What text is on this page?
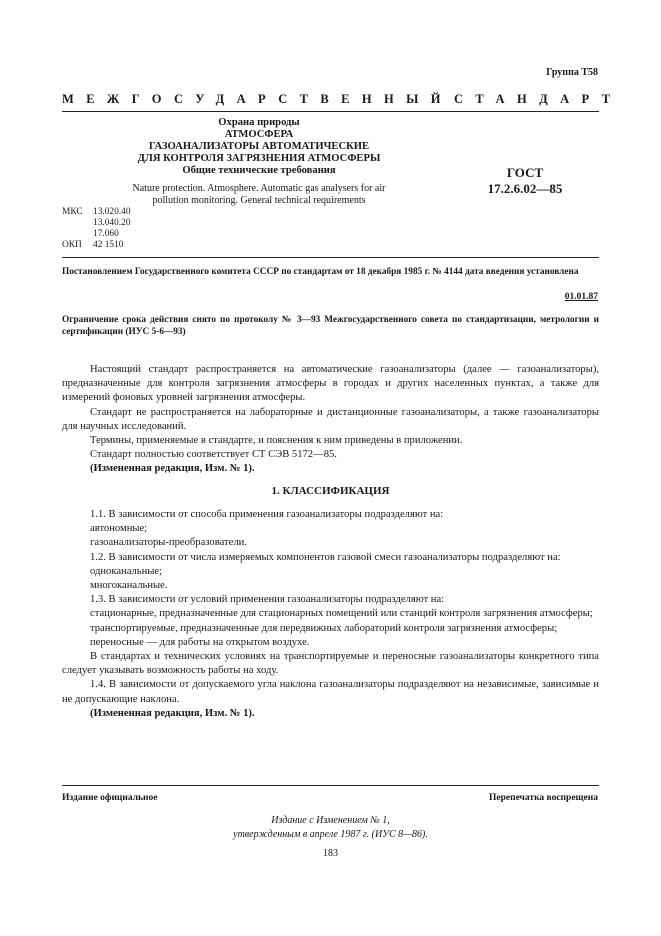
Группа Т58
МЕЖГОСУДАРСТВЕННЫЙ СТАНДАРТ
Охрана природы
АТМОСФЕРА
ГАЗОАНАЛИЗАТОРЫ АВТОМАТИЧЕСКИЕ
ДЛЯ КОНТРОЛЯ ЗАГРЯЗНЕНИЯ АТМОСФЕРЫ
Общие технические требования
Nature protection. Atmosphere. Automatic gas analysers for air
pollution monitoring. General technical requirements
ГОСТ
17.2.6.02—85
МКС	13.020.40
13.040.20
17.060
ОКП	42 1510
Постановлением Государственного комитета СССР по стандартам от 18 декабря 1985 г. № 4144 дата введения установлена
01.01.87
Ограничение срока действия снято по протоколу № 3—93 Межгосударственного совета по стандартизации, метрологии и сертификации (ИУС 5-6—93)

Настоящий стандарт распространяется на автоматические газоанализаторы (далее — газоанализаторы), предназначенные для контроля загрязнения атмосферы в городах и других населенных пунктах, а также для измерений фоновых уровней загрязнения атмосферы.

Стандарт не распространяется на лабораторные и дистанционные газоанализаторы, а также газоанализаторы для научных исследований.

Термины, применяемые в стандарте, и пояснения к ним приведены в приложении.

Стандарт полностью соответствует СТ СЭВ 5172—85.

(Измененная редакция, Изм. № 1).

1. КЛАССИФИКАЦИЯ

1.1. В зависимости от способа применения газоанализаторы подразделяют на:

автономные;

газоанализаторы-преобразователи.

1.2. В зависимости от числа измеряемых компонентов газовой смеси газоанализаторы подразделяют на:

одноканальные;

многоканальные.

1.3. В зависимости от условий применения газоанализаторы подразделяют на:

стационарные, предназначенные для стационарных помещений или станций контроля загрязнения атмосферы;

транспортируемые, предназначенные для передвижных лабораторий контроля загрязнения атмосферы;

переносные — для работы на открытом воздухе.

В стандартах и технических условиях на транспортируемые и переносные газоанализаторы конкретного типа следует указывать возможность работы на ходу.

1.4. В зависимости от допускаемого угла наклона газоанализаторы подразделяют на независимые, зависимые и не допускающие наклона.

(Измененная редакция, Изм. № 1).

Издание официальное	Перепечатка воспрещена
Издание с Изменением № 1,
утвержденным в апреле 1987 г. (ИУС 8—86).
183
